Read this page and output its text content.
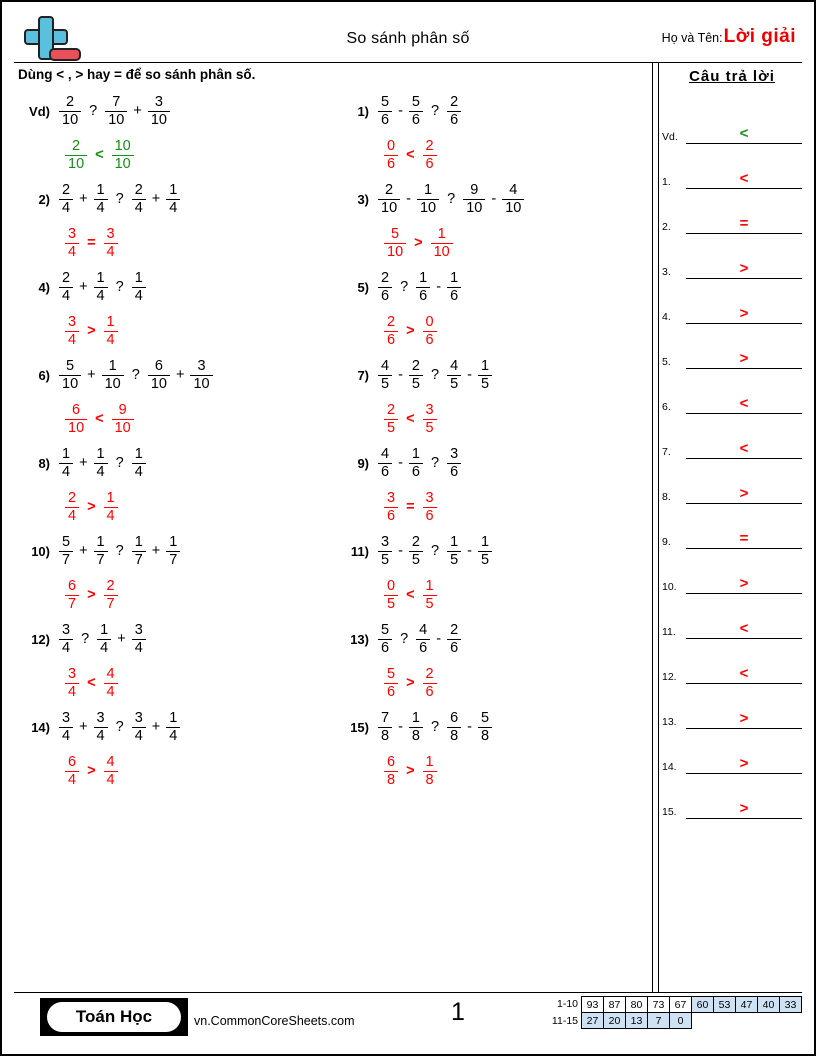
So sánh phân số	Họ và Tên: Lời giải
Dùng < , > hay = để so sánh phân số.
$Vd) \frac{2}{10}$ ? $\frac{7}{10} + \frac{3}{10}$
$\frac{2}{10} < \frac{10}{10}$
$1) \frac{5}{6} - \frac{5}{6}$ ? $\frac{2}{6}$
$\frac{0}{6} < \frac{2}{6}$
$2) \frac{2}{4} + \frac{1}{4}$ ? $\frac{2}{4} + \frac{1}{4}$
$\frac{3}{4} = \frac{3}{4}$
$3) \frac{2}{10} - \frac{1}{10}$ ? $\frac{9}{10} - \frac{4}{10}$
$\frac{5}{10} > \frac{1}{10}$
$4) \frac{2}{4} + \frac{1}{4}$ ? $\frac{1}{4}$
$\frac{3}{4} > \frac{1}{4}$
$5) \frac{2}{6}$ ? $\frac{1}{6} - \frac{1}{6}$
$\frac{2}{6} > \frac{0}{6}$
$6) \frac{5}{10} + \frac{1}{10}$ ? $\frac{6}{10} + \frac{3}{10}$
$\frac{6}{10} < \frac{9}{10}$
$7) \frac{4}{5} - \frac{2}{5}$ ? $\frac{4}{5} - \frac{1}{5}$
$\frac{2}{5} < \frac{3}{5}$
$8) \frac{1}{4} + \frac{1}{4}$ ? $\frac{1}{4}$
$\frac{2}{4} > \frac{1}{4}$
$9) \frac{4}{6} - \frac{1}{6}$ ? $\frac{3}{6}$
$\frac{3}{6} = \frac{3}{6}$
$10) \frac{5}{7} + \frac{1}{7}$ ? $\frac{1}{7} + \frac{1}{7}$
$\frac{6}{7} > \frac{2}{7}$
$11) \frac{3}{5} - \frac{2}{5}$ ? $\frac{1}{5} - \frac{1}{5}$
$\frac{0}{5} < \frac{1}{5}$
$12) \frac{3}{4}$ ? $\frac{1}{4} + \frac{3}{4}$
$\frac{3}{4} < \frac{4}{4}$
$13) \frac{5}{6}$ ? $\frac{4}{6} - \frac{2}{6}$
$\frac{5}{6} > \frac{2}{6}$
$14) \frac{3}{4} + \frac{3}{4}$ ? $\frac{3}{4} + \frac{1}{4}$
$\frac{6}{4} > \frac{4}{4}$
$15) \frac{7}{8} - \frac{1}{8}$ ? $\frac{6}{8} - \frac{5}{8}$
$\frac{6}{8} > \frac{1}{8}$
Câu trả lời
Vd.	<
1.	<
2.	=
3.	>
4.	>
5.	>
6.	<
7.	<
8.	>
9.	=
10.	>
11.	<
12.	<
13.	>
14.	>
15.	>
Toán Học	vn.CommonCoreSheets.com	1	1-10 93 87 80 73 67 60 53 47 40 33
11-15 27 20 13	7	0
